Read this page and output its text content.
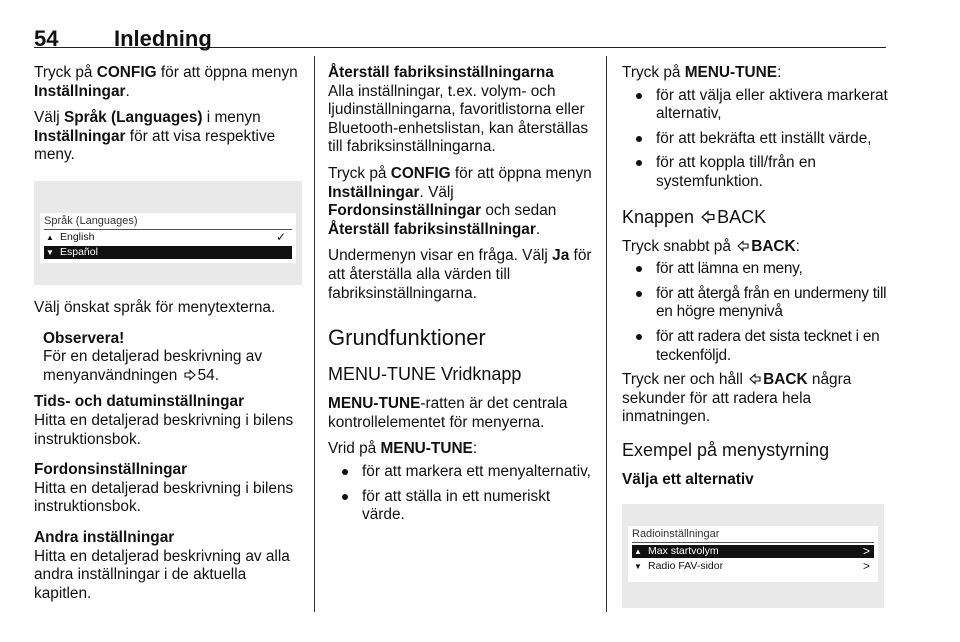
54	Inledning

Tryck på CONFIG för att öppna menyn Inställningar.

Välj Språk (Languages) i menyn Inställningar för att visa respektive meny.

Språk (Languages)
▲ English	✓
▼ Español

Välj önskat språk för menytexterna.

Observera!
För en detaljerad beskrivning av menyanvändningen 54.
Tids- och datuminställningar

Hitta en detaljerad beskrivning i bilens instruktionsbok.

Fordonsinställningar

Hitta en detaljerad beskrivning i bilens instruktionsbok.

Andra inställningar

Hitta en detaljerad beskrivning av alla andra inställningar i de aktuella kapitlen.

Återställ fabriksinställningarna

Alla inställningar, t.ex. volym- och ljudinställningarna, favoritlistorna eller Bluetooth-enhetslistan, kan återställas till fabriksinställningarna.

Tryck på CONFIG för att öppna menyn Inställningar. Välj Fordonsinställningar och sedan Återställ fabriksinställningar.

Undermenyn visar en fråga. Välj Ja för att återställa alla värden till fabriksinställningarna.

Grundfunktioner
MENU-TUNE Vridknapp

MENU-TUNE-ratten är det centrala kontrollelementet för menyerna.

Vrid på MENU-TUNE:

för att markera ett menyalternativ,
för att ställa in ett numeriskt värde.

Tryck på MENU-TUNE:

för att välja eller aktivera markerat alternativ,
för att bekräfta ett inställt värde,
för att koppla till/från en systemfunktion.
Knappen BACK

Tryck snabbt på BACK:

för att lämna en meny,
för att återgå från en undermeny till en högre menynivå
för att radera det sista tecknet i en teckenföljd.

Tryck ner och håll BACK några sekunder för att radera hela inmatningen.

Exempel på menystyrning
Välja ett alternativ
Radioinställningar
▲ Max startvolym	>
▼ Radio FAV-sidor	>
